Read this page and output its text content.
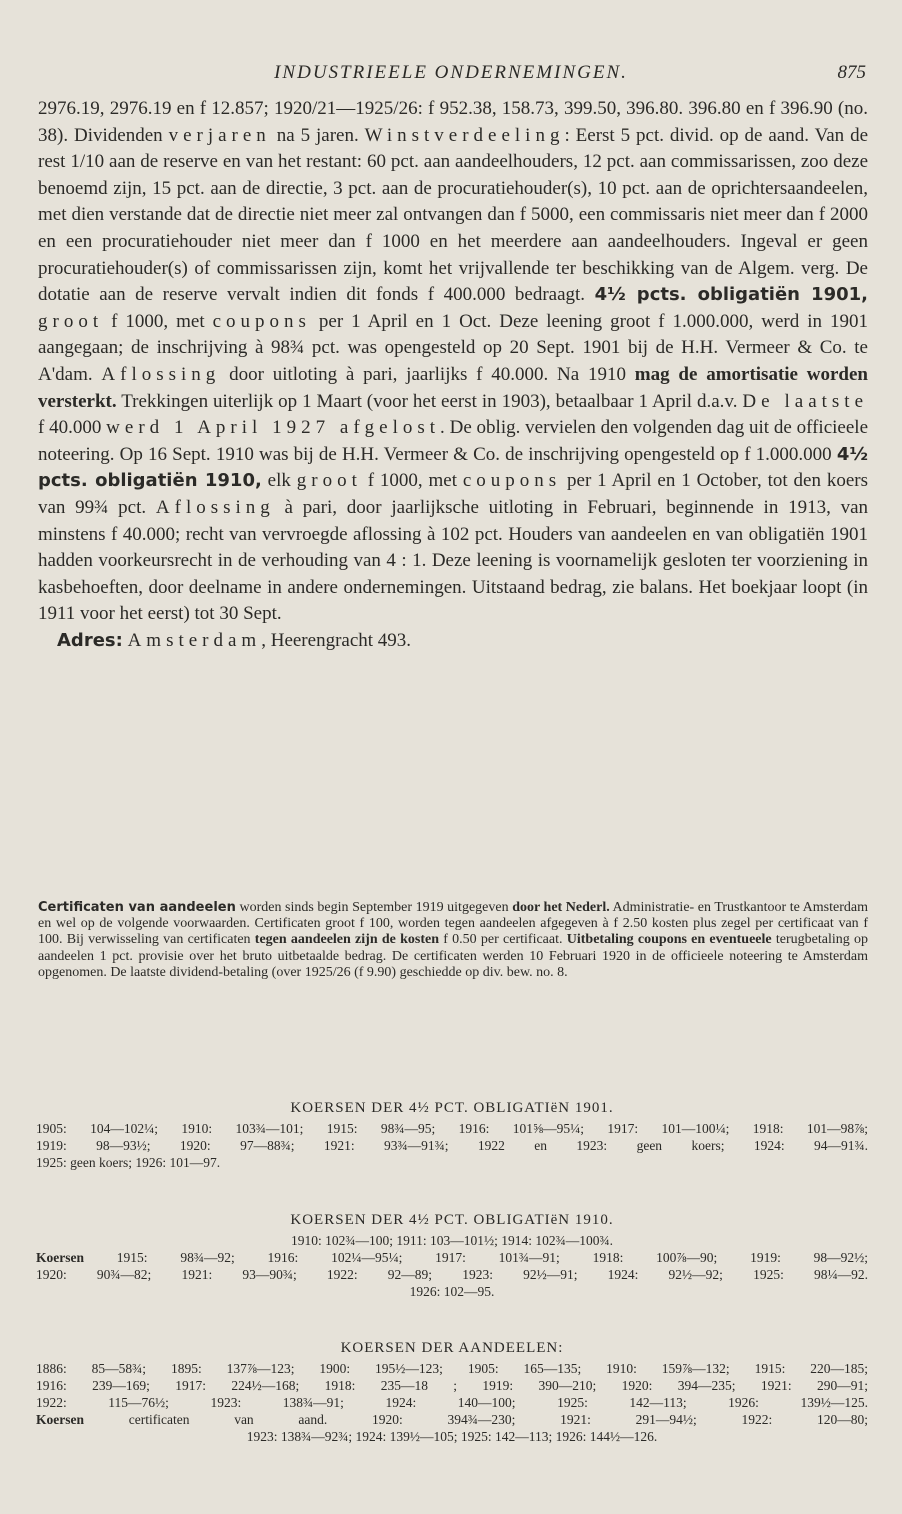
INDUSTRIEELE ONDERNEMINGEN.	875

2976.19, 2976.19 en f 12.857; 1920/21—1925/26: f 952.38, 158.73, 399.50, 396.80. 396.80 en f 396.90 (no. 38). Dividenden verjaren na 5 jaren. Winstverdeeling: Eerst 5 pct. divid. op de aand. Van de rest 1/10 aan de reserve en van het restant: 60 pct. aan aandeelhouders, 12 pct. aan commissarissen, zoo deze benoemd zijn, 15 pct. aan de directie, 3 pct. aan de procuratiehouder(s), 10 pct. aan de oprichtersaandeelen, met dien verstande dat de directie niet meer zal ontvangen dan f 5000, een commissaris niet meer dan f 2000 en een procuratiehouder niet meer dan f 1000 en het meerdere aan aandeelhouders. Ingeval er geen procuratiehouder(s) of commissarissen zijn, komt het vrijvallende ter beschikking van de Algem. verg. De dotatie aan de reserve vervalt indien dit fonds f 400.000 bedraagt. 4½ pcts. obligatiën 1901, groot f 1000, met coupons per 1 April en 1 Oct. Deze leening groot f 1.000.000, werd in 1901 aangegaan; de inschrijving à 98¾ pct. was opengesteld op 20 Sept. 1901 bij de H.H. Vermeer & Co. te A'dam. Aflossing door uitloting à pari, jaarlijks f 40.000. Na 1910 mag de amortisatie worden versterkt. Trekkingen uiterlijk op 1 Maart (voor het eerst in 1903), betaalbaar 1 April d.a.v. De laatste f 40.000 werd 1 April 1927 afgelost. De oblig. vervielen den volgenden dag uit de officieele noteering. Op 16 Sept. 1910 was bij de H.H. Vermeer & Co. de inschrijving opengesteld op f 1.000.000 4½ pcts. obligatiën 1910, elk groot f 1000, met coupons per 1 April en 1 October, tot den koers van 99¾ pct. Aflossing à pari, door jaarlijksche uitloting in Februari, beginnende in 1913, van minstens f 40.000; recht van vervroegde aflossing à 102 pct. Houders van aandeelen en van obligatiën 1901 hadden voorkeursrecht in de verhouding van 4 : 1. Deze leening is voornamelijk gesloten ter voorziening in kasbehoeften, door deelname in andere ondernemingen. Uitstaand bedrag, zie balans. Het boekjaar loopt (in 1911 voor het eerst) tot 30 Sept.

Adres: Amsterdam, Heerengracht 493.

Certificaten van aandeelen worden sinds begin September 1919 uitgegeven door het Nederl. Administratie- en Trustkantoor te Amsterdam en wel op de volgende voorwaarden. Certificaten groot f 100, worden tegen aandeelen afgegeven à f 2.50 kosten plus zegel per certificaat van f 100. Bij verwisseling van certificaten tegen aandeelen zijn de kosten f 0.50 per certificaat. Uitbetaling coupons en eventueele terugbetaling op aandeelen 1 pct. provisie over het bruto uitbetaalde bedrag. De certificaten werden 10 Februari 1920 in de officieele noteering te Amsterdam opgenomen. De laatste dividend-betaling (over 1925/26 (f 9.90) geschiedde op div. bew. no. 8.

KOERSEN DER 4½ PCT. OBLIGATIëN 1901.
1905: 104—102¼; 1910: 103¾—101; 1915: 98¾—95; 1916: 101⅝—95¼; 1917: 101—100¼; 1918: 101—98⅞;
1919: 98—93½; 1920: 97—88¾; 1921: 93¾—91¾; 1922 en 1923: geen koers; 1924: 94—91¾.
1925: geen koers; 1926: 101—97.
KOERSEN DER 4½ PCT. OBLIGATIëN 1910.
1910: 102¾—100; 1911: 103—101½; 1914: 102¾—100¾.
Koersen 1915: 98¾—92; 1916: 102¼—95¼; 1917: 101¾—91; 1918: 100⅞—90; 1919: 98—92½;
1920: 90¾—82; 1921: 93—90¾; 1922: 92—89; 1923: 92½—91; 1924: 92½—92; 1925: 98¼—92.
1926: 102—95.
KOERSEN DER AANDEELEN:
1886: 85—58¾; 1895: 137⅞—123; 1900: 195½—123; 1905: 165—135; 1910: 159⅞—132; 1915: 220—185;
1916: 239—169; 1917: 224½—168; 1918: 235—18 ; 1919: 390—210; 1920: 394—235; 1921: 290—91;
1922: 115—76½; 1923: 138¾—91; 1924: 140—100; 1925: 142—113; 1926: 139½—125.
Koersen certificaten van aand. 1920: 394¾—230; 1921: 291—94½; 1922: 120—80;
1923: 138¾—92¾; 1924: 139½—105; 1925: 142—113; 1926: 144½—126.
